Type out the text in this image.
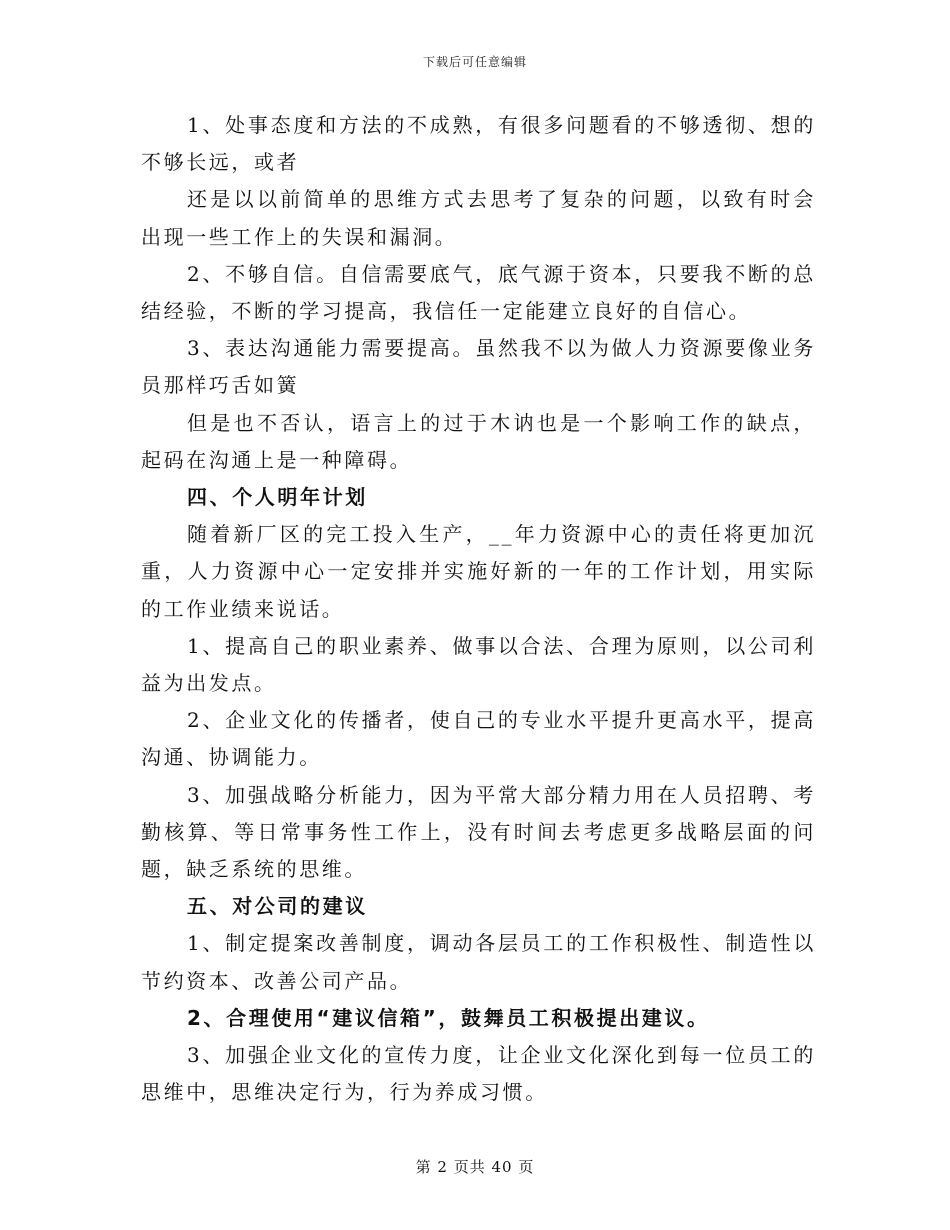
下载后可任意编辑

1、处事态度和方法的不成熟，有很多问题看的不够透彻、想的不够长远，或者

还是以以前简单的思维方式去思考了复杂的问题，以致有时会出现一些工作上的失误和漏洞。

2、不够自信。自信需要底气，底气源于资本，只要我不断的总结经验，不断的学习提高，我信任一定能建立良好的自信心。

3、表达沟通能力需要提高。虽然我不以为做人力资源要像业务员那样巧舌如簧

但是也不否认，语言上的过于木讷也是一个影响工作的缺点，起码在沟通上是一种障碍。

四、个人明年计划

随着新厂区的完工投入生产，__年力资源中心的责任将更加沉重，人力资源中心一定安排并实施好新的一年的工作计划，用实际的工作业绩来说话。

1、提高自己的职业素养、做事以合法、合理为原则，以公司利益为出发点。

2、企业文化的传播者，使自己的专业水平提升更高水平，提高沟通、协调能力。

3、加强战略分析能力，因为平常大部分精力用在人员招聘、考勤核算、等日常事务性工作上，没有时间去考虑更多战略层面的问题，缺乏系统的思维。

五、对公司的建议

1、制定提案改善制度，调动各层员工的工作积极性、制造性以节约资本、改善公司产品。

2、合理使用“建议信箱”，鼓舞员工积极提出建议。

3、加强企业文化的宣传力度，让企业文化深化到每一位员工的思维中，思维决定行为，行为养成习惯。

第 2 页共 40 页
